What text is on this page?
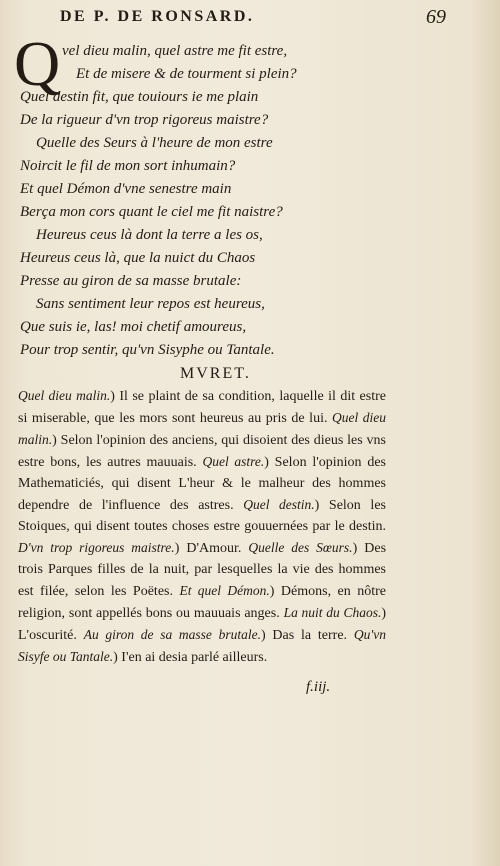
DE P. DE RONSARD.	69
Q vel dieu malin, quel astre me fit estre,
Et de misere & de tourment si plein?
Quel destin fit, que touiours ie me plain
De la rigueur d'vn trop rigoreus maistre?
Quelle des Seurs à l'heure de mon estre
Noircit le fil de mon sort inhumain?
Et quel Démon d'vne senestre main
Berça mon cors quant le ciel me fit naistre?
Heureus ceus là dont la terre a les os,
Heureus ceus là, que la nuict du Chaos
Presse au giron de sa masse brutale:
Sans sentiment leur repos est heureus,
Que suis ie, las! moi chetif amoureus,
Pour trop sentir, qu'vn Sisyphe ou Tantale.
MVRET.
Quel dieu malin.) Il se plaint de sa condition, laquelle il dit estre si miserable, que les mors sont heureus au pris de lui. Quel dieu malin.) Selon l'opinion des anciens, qui disoient des dieus les vns estre bons, les autres mauuais. Quel astre.) Selon l'opinion des Mathematiciés, qui disent L'heur & le malheur des hommes dependre de l'influence des astres. Quel destin.) Selon les Stoiques, qui disent toutes choses estre gouuernées par le destin. D'vn trop rigoreus maistre.) D'Amour. Quelle des Sœurs.) Des trois Parques filles de la nuit, par lesquelles la vie des hommes est filée, selon les Poëtes. Et quel Démon.) Démons, en nôtre religion, sont appellés bons ou mauuais anges. La nuit du Chaos.) L'oscurité. Au giron de sa masse brutale.) Das la terre. Qu'vn Sisyfe ou Tantale.) I'en ai desia parlé ailleurs.
f.iij.
